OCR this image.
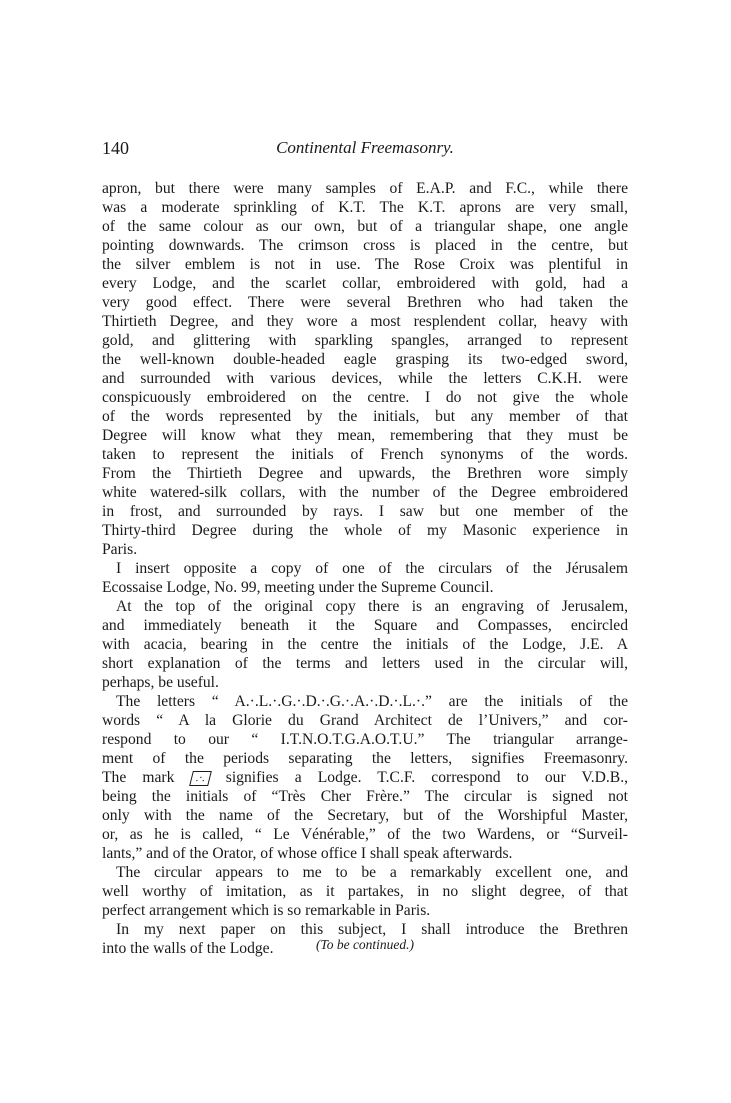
140	Continental Freemasonry.

apron, but there were many samples of E.A.P. and F.C., while there
was a moderate sprinkling of K.T. The K.T. aprons are very small,
of the same colour as our own, but of a triangular shape, one angle
pointing downwards. The crimson cross is placed in the centre, but
the silver emblem is not in use. The Rose Croix was plentiful in
every Lodge, and the scarlet collar, embroidered with gold, had a
very good effect. There were several Brethren who had taken the
Thirtieth Degree, and they wore a most resplendent collar, heavy with
gold, and glittering with sparkling spangles, arranged to represent
the well-known double-headed eagle grasping its two-edged sword,
and surrounded with various devices, while the letters C.K.H. were
conspicuously embroidered on the centre. I do not give the whole
of the words represented by the initials, but any member of that
Degree will know what they mean, remembering that they must be
taken to represent the initials of French synonyms of the words.
From the Thirtieth Degree and upwards, the Brethren wore simply
white watered-silk collars, with the number of the Degree embroidered
in frost, and surrounded by rays. I saw but one member of the
Thirty-third Degree during the whole of my Masonic experience in
Paris.

I insert opposite a copy of one of the circulars of the Jérusalem
Ecossaise Lodge, No. 99, meeting under the Supreme Council.

At the top of the original copy there is an engraving of Jerusalem,
and immediately beneath it the Square and Compasses, encircled
with acacia, bearing in the centre the initials of the Lodge, J.E. A
short explanation of the terms and letters used in the circular will,
perhaps, be useful.

The letters “ A.·.L.·.G.·.D.·.G.·.A.·.D.·.L.·.” are the initials of the
words “ A la Glorie du Grand Architect de l’Univers,” and cor-
respond to our “ I.T.N.O.T.G.A.O.T.U.” The triangular arrange-
ment of the periods separating the letters, signifies Freemasonry.
The mark .·. signifies a Lodge. T.C.F. correspond to our V.D.B.,
being the initials of “Très Cher Frère.” The circular is signed not
only with the name of the Secretary, but of the Worshipful Master,
or, as he is called, “ Le Vénérable,” of the two Wardens, or “Surveil-
lants,” and of the Orator, of whose office I shall speak afterwards.

The circular appears to me to be a remarkably excellent one, and
well worthy of imitation, as it partakes, in no slight degree, of that
perfect arrangement which is so remarkable in Paris.

In my next paper on this subject, I shall introduce the Brethren
into the walls of the Lodge.	(To be continued.)
